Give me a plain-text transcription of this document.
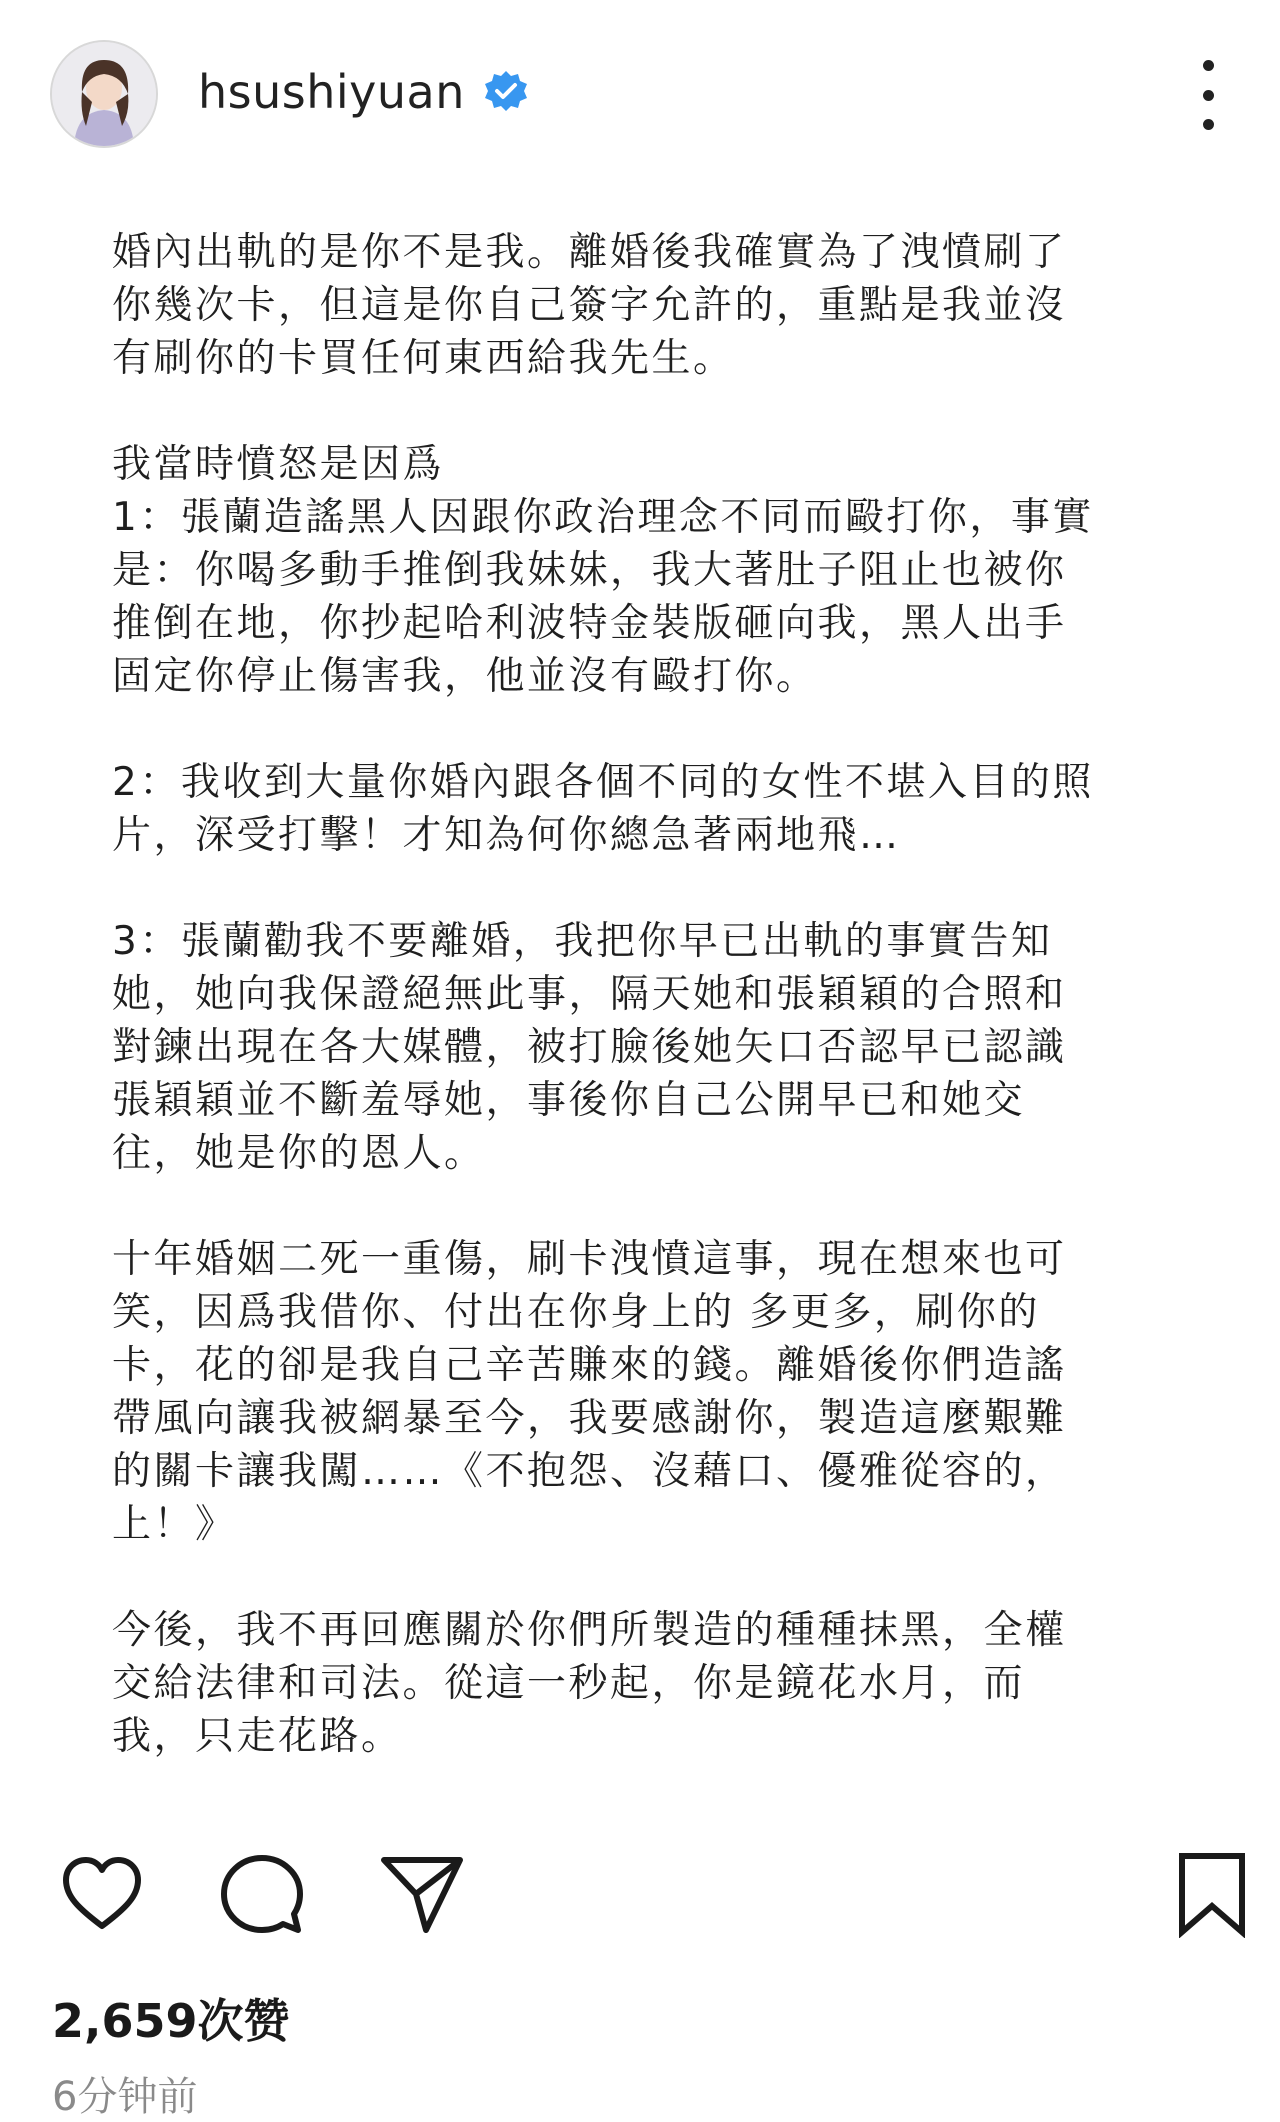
hsushiyuan

婚內出軌的是你不是我。離婚後我確實為了洩憤刷了
你幾次卡，但這是你自己簽字允許的，重點是我並沒
有刷你的卡買任何東西給我先生。

我當時憤怒是因爲
1：張蘭造謠黑人因跟你政治理念不同而毆打你，事實
是：你喝多動手推倒我妹妹，我大著肚子阻止也被你
推倒在地，你抄起哈利波特金裝版砸向我，黑人出手
固定你停止傷害我，他並沒有毆打你。

2：我收到大量你婚內跟各個不同的女性不堪入目的照
片，深受打擊！才知為何你總急著兩地飛…

3：張蘭勸我不要離婚，我把你早已出軌的事實告知
她，她向我保證絕無此事，隔天她和張穎穎的合照和
對鍊出現在各大媒體，被打臉後她矢口否認早已認識
張穎穎並不斷羞辱她，事後你自己公開早已和她交
往，她是你的恩人。

十年婚姻二死一重傷，刷卡洩憤這事，現在想來也可
笑，因爲我借你、付出在你身上的 多更多，刷你的
卡，花的卻是我自己辛苦賺來的錢。離婚後你們造謠
帶風向讓我被網暴至今，我要感謝你，製造這麼艱難
的關卡讓我闖……《不抱怨、沒藉口、優雅從容的，
上！》

今後，我不再回應關於你們所製造的種種抹黑，全權
交給法律和司法。從這一秒起，你是鏡花水月，而
我，只走花路。

2,659次赞
6分钟前
